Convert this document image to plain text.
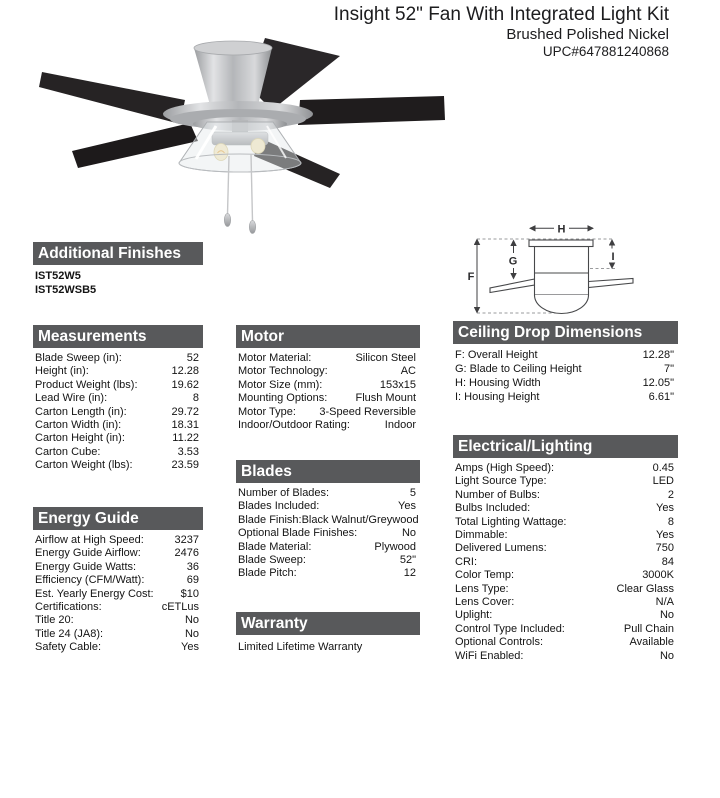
Insight 52" Fan With Integrated Light Kit
Brushed Polished Nickel
UPC#647881240868
H
F
G	I
Additional Finishes
IST52W5
IST52WSB5
Measurements
Blade Sweep (in):	52
Height (in):	12.28
Product Weight (lbs):	19.62
Lead Wire (in):	8
Carton Length (in):	29.72
Carton Width (in):	18.31
Carton Height (in):	11.22
Carton Cube:	3.53
Carton Weight (lbs):	23.59
Energy Guide
Airflow at High Speed:	3237
Energy Guide Airflow:	2476
Energy Guide Watts:	36
Efficiency (CFM/Watt):	69
Est. Yearly Energy Cost: $10
Certifications:	cETLus
Title 20:	No
Title 24 (JA8):	No
Safety Cable:	Yes
Motor
Motor Material:	Silicon Steel
Motor Technology:	AC
Motor Size (mm):	153x15
Mounting Options:	Flush Mount
Motor Type: 3-Speed Reversible
Indoor/Outdoor Rating:	Indoor
Blades
Number of Blades:	5
Blades Included:	Yes
Blade Finish: Black Walnut/Greywood
Optional Blade Finishes:	No
Blade Material:	Plywood
Blade Sweep:	52"
Blade Pitch:	12
Warranty
Limited Lifetime Warranty
Ceiling Drop Dimensions
F: Overall Height	12.28"
G: Blade to Ceiling Height	7"
H: Housing Width	12.05"
I: Housing Height	6.61"
Electrical/Lighting
Amps (High Speed):	0.45
Light Source Type:	LED
Number of Bulbs:	2
Bulbs Included:	Yes
Total Lighting Wattage:	8
Dimmable:	Yes
Delivered Lumens:	750
CRI:	84
Color Temp:	3000K
Lens Type:	Clear Glass
Lens Cover:	N/A
Uplight:	No
Control Type Included:	Pull Chain
Optional Controls:	Available
WiFi Enabled:	No
